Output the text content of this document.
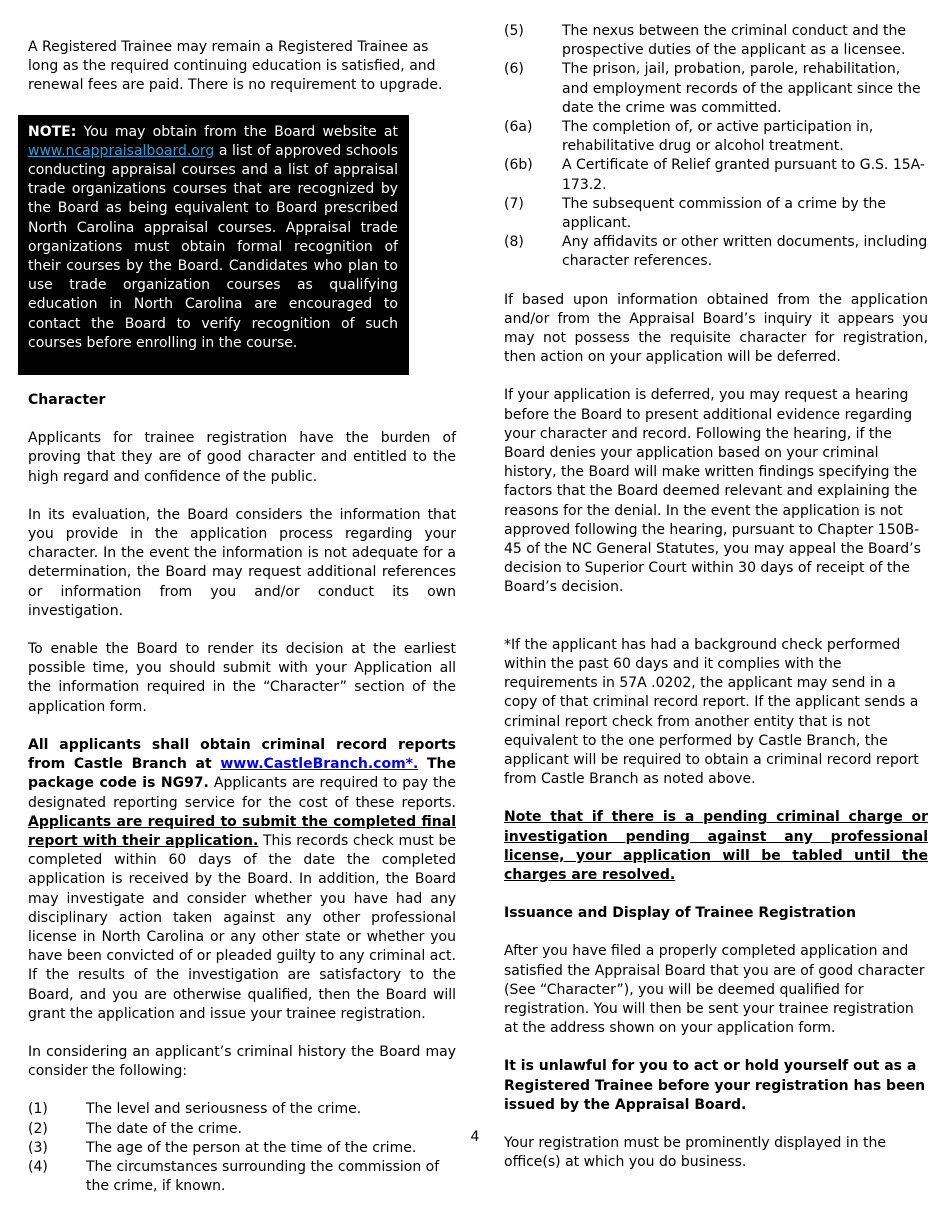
A Registered Trainee may remain a Registered Trainee as long as the required continuing education is satisfied, and renewal fees are paid. There is no requirement to upgrade.

NOTE: You may obtain from the Board website at www.ncappraisalboard.org a list of approved schools conducting appraisal courses and a list of appraisal trade organizations courses that are recognized by the Board as being equivalent to Board prescribed North Carolina appraisal courses. Appraisal trade organizations must obtain formal recognition of their courses by the Board. Candidates who plan to use trade organization courses as qualifying education in North Carolina are encouraged to contact the Board to verify recognition of such courses before enrolling in the course.
Character

Applicants for trainee registration have the burden of proving that they are of good character and entitled to the high regard and confidence of the public.

In its evaluation, the Board considers the information that you provide in the application process regarding your character. In the event the information is not adequate for a determination, the Board may request additional references or information from you and/or conduct its own investigation.

To enable the Board to render its decision at the earliest possible time, you should submit with your Application all the information required in the “Character” section of the application form.

All applicants shall obtain criminal record reports from Castle Branch at www.CastleBranch.com*. The package code is NG97. Applicants are required to pay the designated reporting service for the cost of these reports. Applicants are required to submit the completed final report with their application. This records check must be completed within 60 days of the date the completed application is received by the Board. In addition, the Board may investigate and consider whether you have had any disciplinary action taken against any other professional license in North Carolina or any other state or whether you have been convicted of or pleaded guilty to any criminal act. If the results of the investigation are satisfactory to the Board, and you are otherwise qualified, then the Board will grant the application and issue your trainee registration.

In considering an applicant’s criminal history the Board may consider the following:

(1)	The level and seriousness of the crime.
(2)	The date of the crime.
(3)	The age of the person at the time of the crime.
(4)	The circumstances surrounding the commission of the crime, if known.
(5)	The nexus between the criminal conduct and the prospective duties of the applicant as a licensee.
(6)	The prison, jail, probation, parole, rehabilitation, and employment records of the applicant since the date the crime was committed.
(6a)	The completion of, or active participation in, rehabilitative drug or alcohol treatment.
(6b)	A Certificate of Relief granted pursuant to G.S. 15A-173.2.
(7)	The subsequent commission of a crime by the applicant.
(8)	Any affidavits or other written documents, including character references.

If based upon information obtained from the application and/or from the Appraisal Board’s inquiry it appears you may not possess the requisite character for registration, then action on your application will be deferred.

If your application is deferred, you may request a hearing before the Board to present additional evidence regarding your character and record. Following the hearing, if the Board denies your application based on your criminal history, the Board will make written findings specifying the factors that the Board deemed relevant and explaining the reasons for the denial. In the event the application is not approved following the hearing, pursuant to Chapter 150B-45 of the NC General Statutes, you may appeal the Board’s decision to Superior Court within 30 days of receipt of the Board’s decision.

*If the applicant has had a background check performed within the past 60 days and it complies with the requirements in 57A .0202, the applicant may send in a copy of that criminal record report. If the applicant sends a criminal report check from another entity that is not equivalent to the one performed by Castle Branch, the applicant will be required to obtain a criminal record report from Castle Branch as noted above.

Note that if there is a pending criminal charge or investigation pending against any professional license, your application will be tabled until the charges are resolved.

Issuance and Display of Trainee Registration

After you have filed a properly completed application and satisfied the Appraisal Board that you are of good character (See “Character”), you will be deemed qualified for registration. You will then be sent your trainee registration at the address shown on your application form.

It is unlawful for you to act or hold yourself out as a Registered Trainee before your registration has been issued by the Appraisal Board.

Your registration must be prominently displayed in the office(s) at which you do business.

4
